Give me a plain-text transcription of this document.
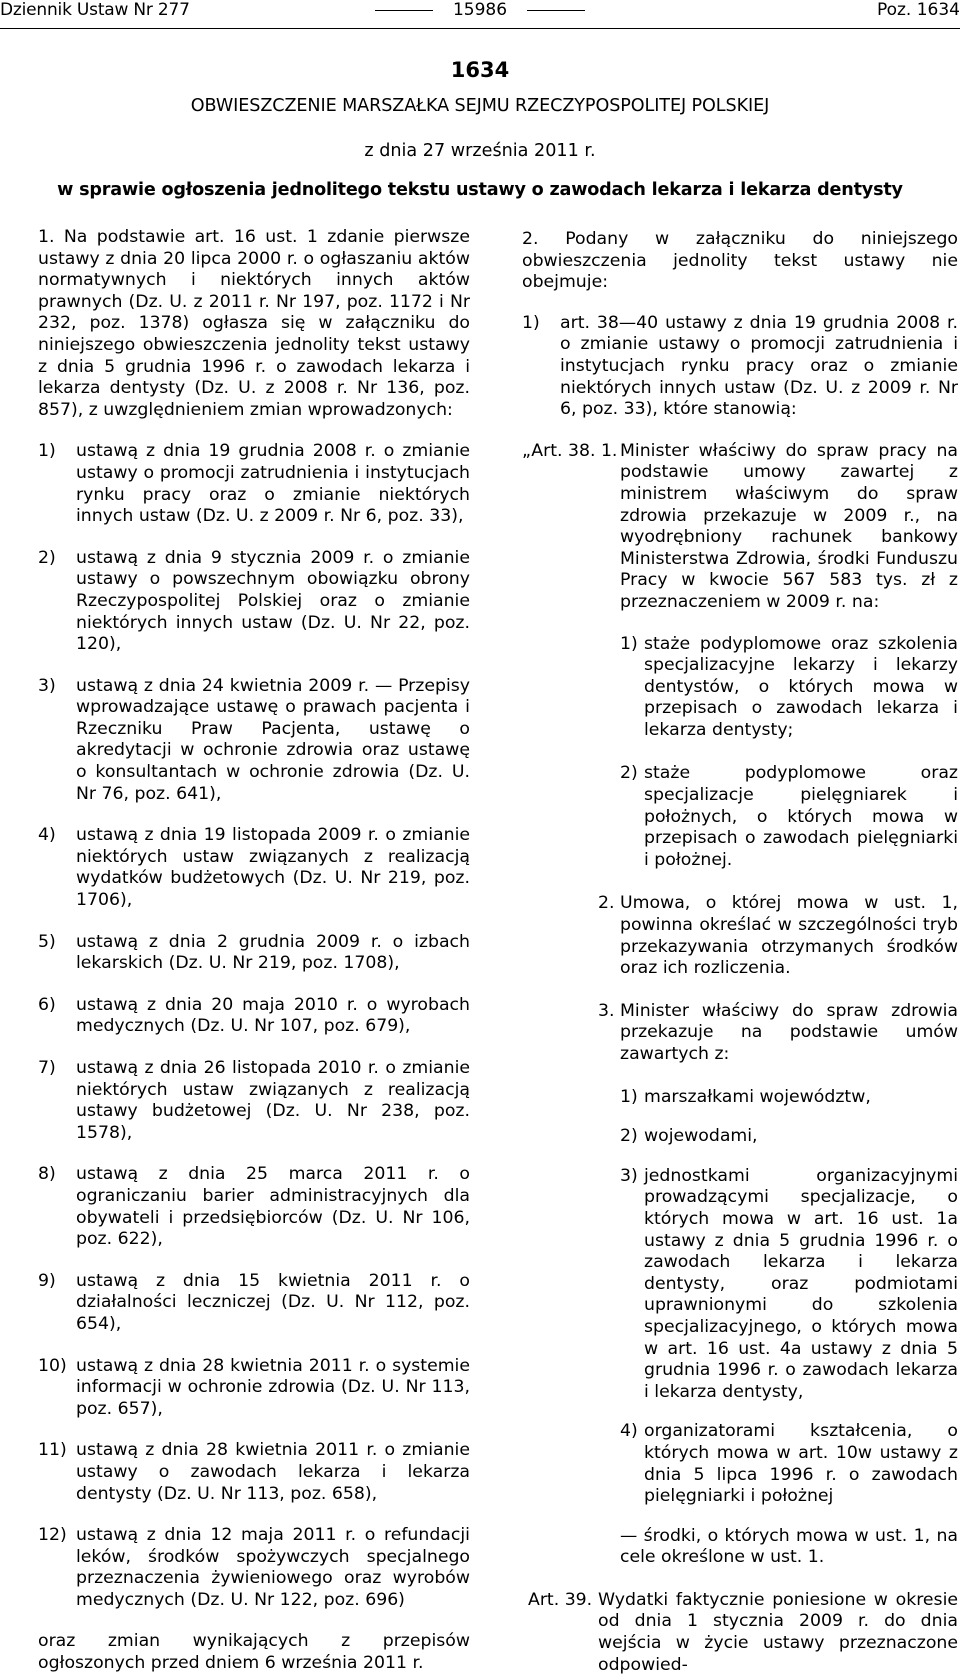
Dziennik Ustaw Nr 277	15986	Poz. 1634
1634
OBWIESZCZENIE MARSZAŁKA SEJMU RZECZYPOSPOLITEJ POLSKIEJ
z dnia 27 września 2011 r.
w sprawie ogłoszenia jednolitego tekstu ustawy o zawodach lekarza i lekarza dentysty

1. Na podstawie art. 16 ust. 1 zdanie pierwsze ustawy z dnia 20 lipca 2000 r. o ogłaszaniu aktów normatywnych i niektórych innych aktów prawnych (Dz. U. z 2011 r. Nr 197, poz. 1172 i Nr 232, poz. 1378) ogłasza się w załączniku do niniejszego obwieszczenia jednolity tekst ustawy z dnia 5 grudnia 1996 r. o zawodach lekarza i lekarza dentysty (Dz. U. z 2008 r. Nr 136, poz. 857), z uwzględnieniem zmian wprowadzonych:

1) ustawą z dnia 19 grudnia 2008 r. o zmianie ustawy o promocji zatrudnienia i instytucjach rynku pracy oraz o zmianie niektórych innych ustaw (Dz. U. z 2009 r. Nr 6, poz. 33),
2) ustawą z dnia 9 stycznia 2009 r. o zmianie ustawy o powszechnym obowiązku obrony Rzeczypospolitej Polskiej oraz o zmianie niektórych innych ustaw (Dz. U. Nr 22, poz. 120),
3) ustawą z dnia 24 kwietnia 2009 r. — Przepisy wprowadzające ustawę o prawach pacjenta i Rzeczniku Praw Pacjenta, ustawę o akredytacji w ochronie zdrowia oraz ustawę o konsultantach w ochronie zdrowia (Dz. U. Nr 76, poz. 641),
4) ustawą z dnia 19 listopada 2009 r. o zmianie niektórych ustaw związanych z realizacją wydatków budżetowych (Dz. U. Nr 219, poz. 1706),
5) ustawą z dnia 2 grudnia 2009 r. o izbach lekarskich (Dz. U. Nr 219, poz. 1708),
6) ustawą z dnia 20 maja 2010 r. o wyrobach medycznych (Dz. U. Nr 107, poz. 679),
7) ustawą z dnia 26 listopada 2010 r. o zmianie niektórych ustaw związanych z realizacją ustawy budżetowej (Dz. U. Nr 238, poz. 1578),
8) ustawą z dnia 25 marca 2011 r. o ograniczaniu barier administracyjnych dla obywateli i przedsiębiorców (Dz. U. Nr 106, poz. 622),
9) ustawą z dnia 15 kwietnia 2011 r. o działalności leczniczej (Dz. U. Nr 112, poz. 654),
10) ustawą z dnia 28 kwietnia 2011 r. o systemie informacji w ochronie zdrowia (Dz. U. Nr 113, poz. 657),
11) ustawą z dnia 28 kwietnia 2011 r. o zmianie ustawy o zawodach lekarza i lekarza dentysty (Dz. U. Nr 113, poz. 658),
12) ustawą z dnia 12 maja 2011 r. o refundacji leków, środków spożywczych specjalnego przeznaczenia żywieniowego oraz wyrobów medycznych (Dz. U. Nr 122, poz. 696)

oraz zmian wynikających z przepisów ogłoszonych przed dniem 6 września 2011 r.

2. Podany w załączniku do niniejszego obwieszczenia jednolity tekst ustawy nie obejmuje:

1) art. 38—40 ustawy z dnia 19 grudnia 2008 r. o zmianie ustawy o promocji zatrudnienia i instytucjach rynku pracy oraz o zmianie niektórych innych ustaw (Dz. U. z 2009 r. Nr 6, poz. 33), które stanowią:
„Art. 38. 1. Minister właściwy do spraw pracy na podstawie umowy zawartej z ministrem właściwym do spraw zdrowia przekazuje w 2009 r., na wyodrębniony rachunek bankowy Ministerstwa Zdrowia, środki Funduszu Pracy w kwocie 567 583 tys. zł z przeznaczeniem w 2009 r. na:
1) staże podyplomowe oraz szkolenia specjalizacyjne lekarzy i lekarzy dentystów, o których mowa w przepisach o zawodach lekarza i lekarza dentysty;
2) staże podyplomowe oraz specjalizacje pielęgniarek i położnych, o których mowa w przepisach o zawodach pielęgniarki i położnej.
2. Umowa, o której mowa w ust. 1, powinna określać w szczególności tryb przekazywania otrzymanych środków oraz ich rozliczenia.
3. Minister właściwy do spraw zdrowia przekazuje na podstawie umów zawartych z:
1) marszałkami województw,
2) wojewodami,
3) jednostkami organizacyjnymi prowadzącymi specjalizacje, o których mowa w art. 16 ust. 1a ustawy z dnia 5 grudnia 1996 r. o zawodach lekarza i lekarza dentysty, oraz podmiotami uprawnionymi do szkolenia specjalizacyjnego, o których mowa w art. 16 ust. 4a ustawy z dnia 5 grudnia 1996 r. o zawodach lekarza i lekarza dentysty,
4) organizatorami kształcenia, o których mowa w art. 10w ustawy z dnia 5 lipca 1996 r. o zawodach pielęgniarki i położnej

— środki, o których mowa w ust. 1, na cele określone w ust. 1.

Art. 39. Wydatki faktycznie poniesione w okresie od dnia 1 stycznia 2009 r. do dnia wejścia w życie ustawy przeznaczone odpowied-
